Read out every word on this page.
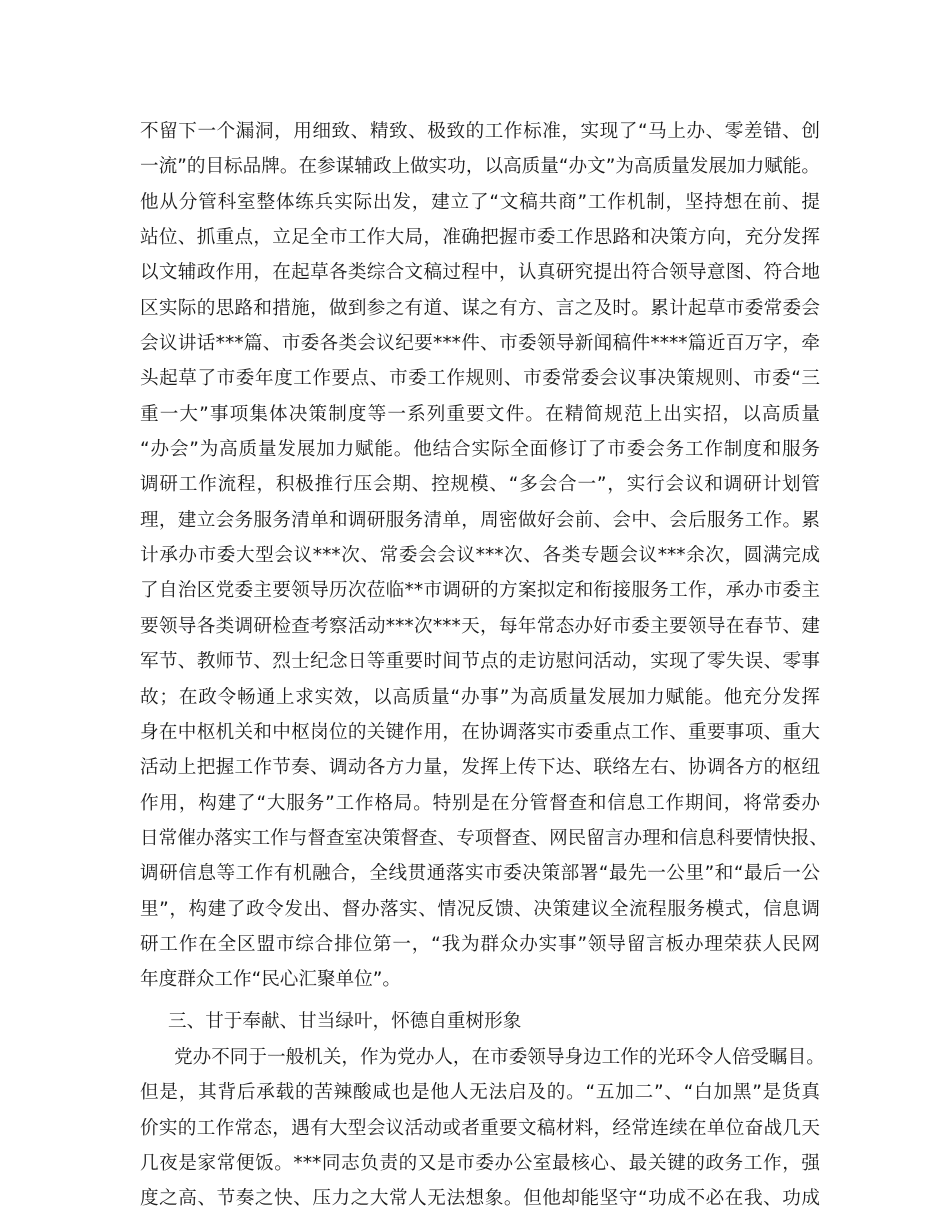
不留下一个漏洞，用细致、精致、极致的工作标准，实现了“马上办、零差错、创
一流”的目标品牌。在参谋辅政上做实功，以高质量“办文”为高质量发展加力赋能。
他从分管科室整体练兵实际出发，建立了“文稿共商”工作机制，坚持想在前、提
站位、抓重点，立足全市工作大局，准确把握市委工作思路和决策方向，充分发挥
以文辅政作用，在起草各类综合文稿过程中，认真研究提出符合领导意图、符合地
区实际的思路和措施，做到参之有道、谋之有方、言之及时。累计起草市委常委会
会议讲话***篇、市委各类会议纪要***件、市委领导新闻稿件****篇近百万字，牵
头起草了市委年度工作要点、市委工作规则、市委常委会议事决策规则、市委“三
重一大”事项集体决策制度等一系列重要文件。在精简规范上出实招，以高质量
“办会”为高质量发展加力赋能。他结合实际全面修订了市委会务工作制度和服务
调研工作流程，积极推行压会期、控规模、“多会合一”，实行会议和调研计划管
理，建立会务服务清单和调研服务清单，周密做好会前、会中、会后服务工作。累
计承办市委大型会议***次、常委会会议***次、各类专题会议***余次，圆满完成
了自治区党委主要领导历次莅临**市调研的方案拟定和衔接服务工作，承办市委主
要领导各类调研检查考察活动***次***天，每年常态办好市委主要领导在春节、建
军节、教师节、烈士纪念日等重要时间节点的走访慰问活动，实现了零失误、零事
故；在政令畅通上求实效，以高质量“办事”为高质量发展加力赋能。他充分发挥
身在中枢机关和中枢岗位的关键作用，在协调落实市委重点工作、重要事项、重大
活动上把握工作节奏、调动各方力量，发挥上传下达、联络左右、协调各方的枢纽
作用，构建了“大服务”工作格局。特别是在分管督查和信息工作期间，将常委办
日常催办落实工作与督查室决策督查、专项督查、网民留言办理和信息科要情快报、
调研信息等工作有机融合，全线贯通落实市委决策部署“最先一公里”和“最后一公
里”，构建了政令发出、督办落实、情况反馈、决策建议全流程服务模式，信息调
研工作在全区盟市综合排位第一，“我为群众办实事”领导留言板办理荣获人民网
年度群众工作“民心汇聚单位”。
三、甘于奉献、甘当绿叶，怀德自重树形象
党办不同于一般机关，作为党办人，在市委领导身边工作的光环令人倍受瞩目。
但是，其背后承载的苦辣酸咸也是他人无法启及的。“五加二”、“白加黑”是货真
价实的工作常态，遇有大型会议活动或者重要文稿材料，经常连续在单位奋战几天
几夜是家常便饭。***同志负责的又是市委办公室最核心、最关键的政务工作，强
度之高、节奏之快、压力之大常人无法想象。但他却能坚守“功成不必在我、功成
